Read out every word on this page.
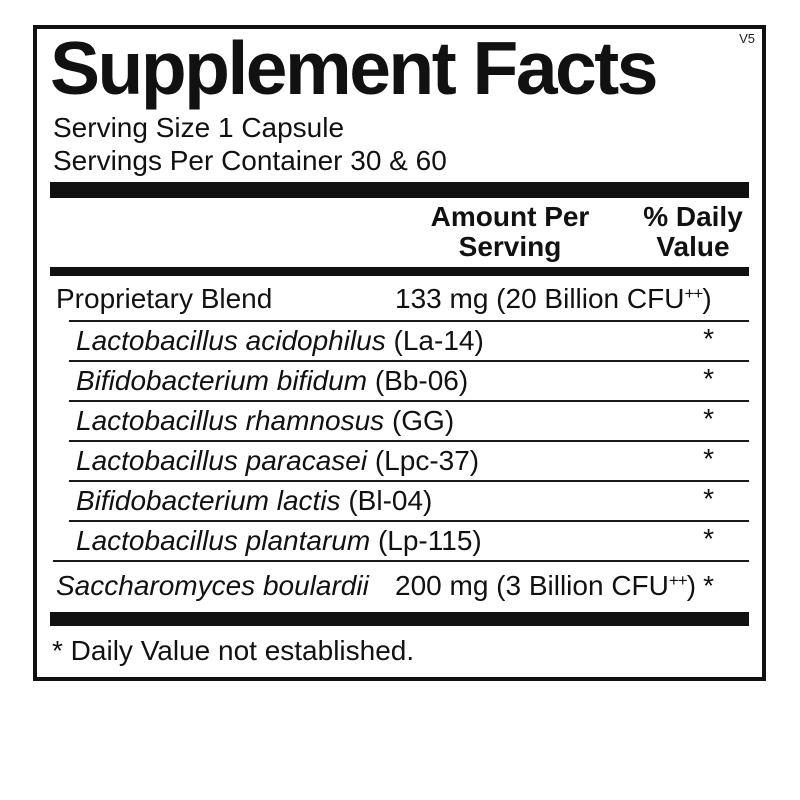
V5
Supplement Facts
Serving Size 1 Capsule
Servings Per Container 30 & 60
Amount Per
Serving
% Daily
Value
Proprietary Blend	133 mg (20 Billion CFU++)
Lactobacillus acidophilus (La-14)	*
Bifidobacterium bifidum (Bb-06)	*
Lactobacillus rhamnosus (GG)	*
Lactobacillus paracasei (Lpc-37)	*
Bifidobacterium lactis (Bl-04)	*
Lactobacillus plantarum (Lp-115)	*
Saccharomyces boulardii 200 mg (3 Billion CFU++) *
* Daily Value not established.
